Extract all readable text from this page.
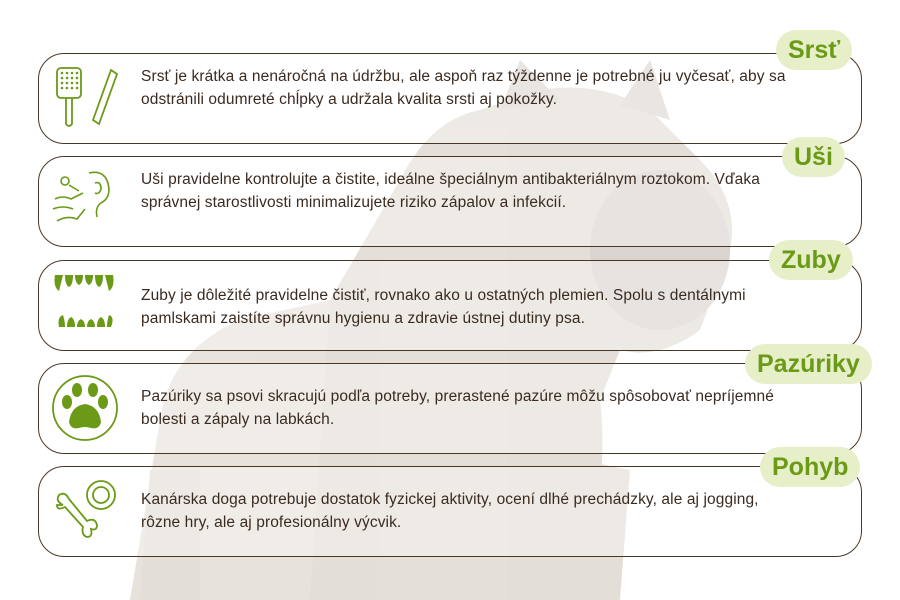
Srsť je krátka a nenáročná na údržbu, ale aspoň raz týždenne je potrebné ju vyčesať, aby sa odstránili odumreté chĺpky a udržala kvalita srsti aj pokožky.
Srsť
Uši pravidelne kontrolujte a čistite, ideálne špeciálnym antibakteriálnym roztokom. Vďaka správnej starostlivosti minimalizujete riziko zápalov a infekcií.
Uši
Zuby je dôležité pravidelne čistiť, rovnako ako u ostatných plemien. Spolu s dentálnymi pamlskami zaistíte správnu hygienu a zdravie ústnej dutiny psa.
Zuby
Pazúriky sa psovi skracujú podľa potreby, prerastené pazúre môžu spôsobovať nepríjemné bolesti a zápaly na labkách.
Pazúriky
Kanárska doga potrebuje dostatok fyzickej aktivity, ocení dlhé prechádzky, ale aj jogging, rôzne hry, ale aj profesionálny výcvik.
Pohyb
